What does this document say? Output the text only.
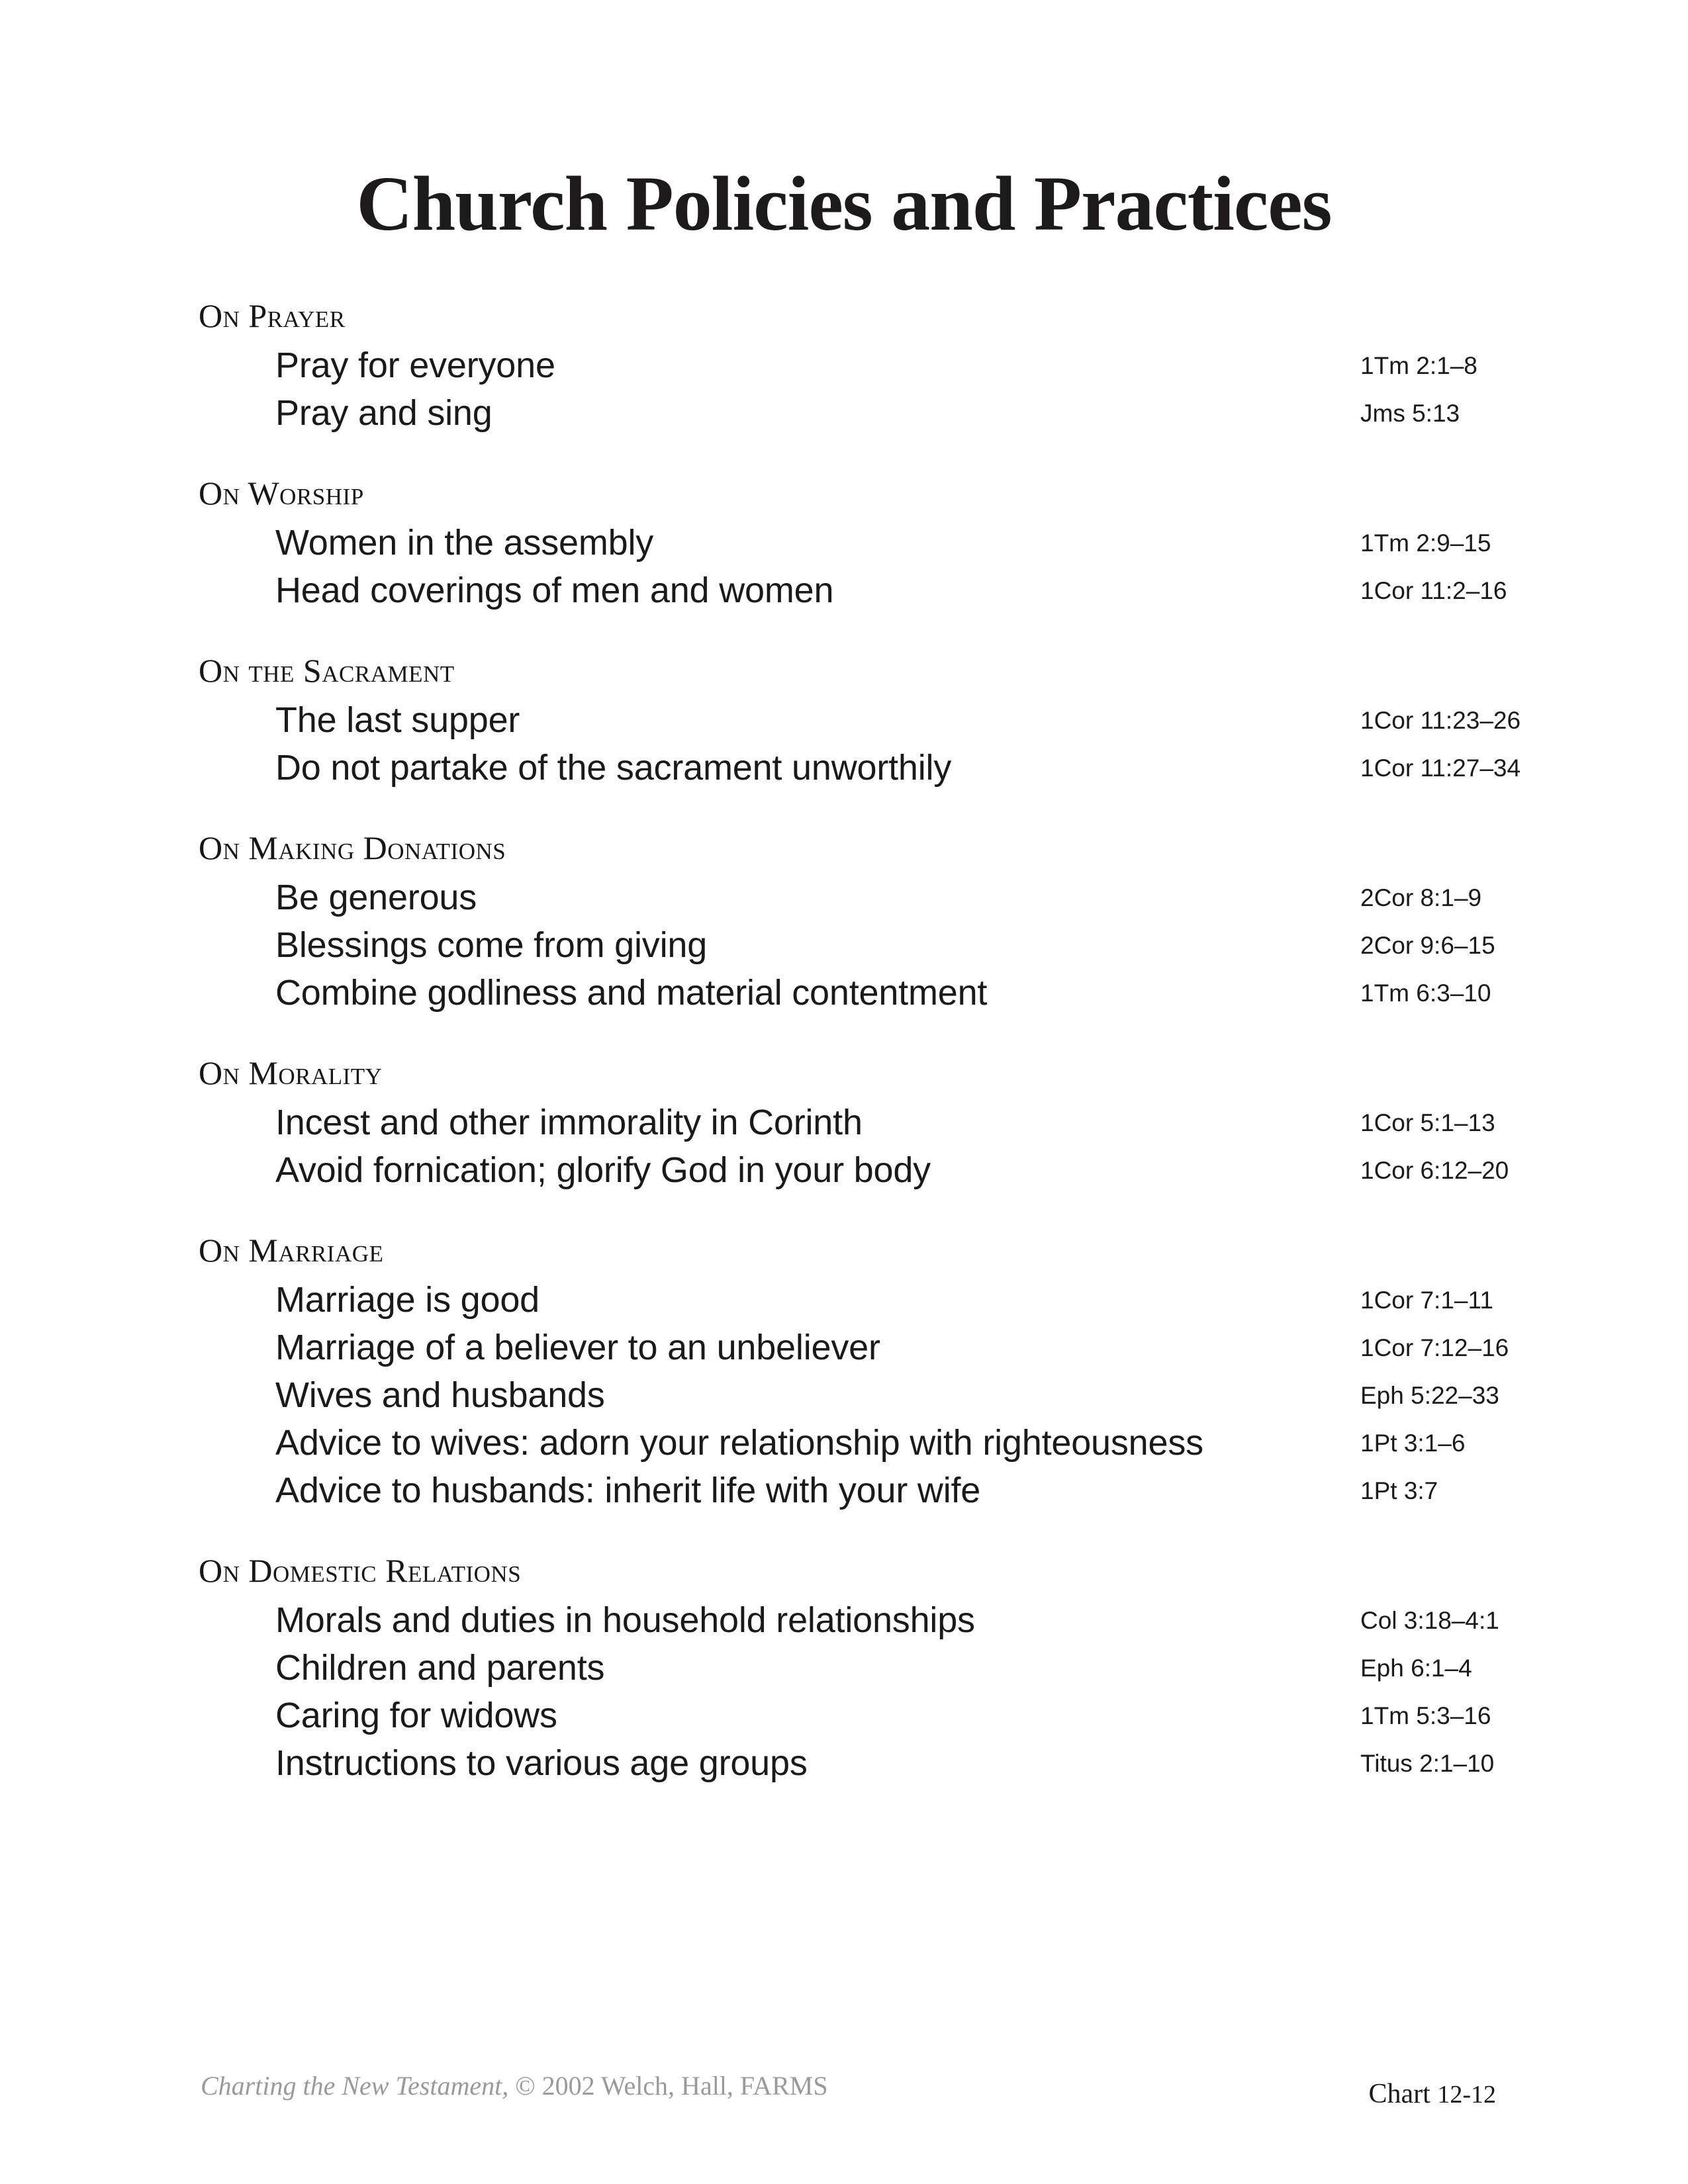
Church Policies and Practices
On Prayer
Pray for everyone	1Tm 2:1–8
Pray and sing	Jms 5:13
On Worship
Women in the assembly	1Tm 2:9–15
Head coverings of men and women	1Cor 11:2–16
On the Sacrament
The last supper	1Cor 11:23–26
Do not partake of the sacrament unworthily	1Cor 11:27–34
On Making Donations
Be generous	2Cor 8:1–9
Blessings come from giving	2Cor 9:6–15
Combine godliness and material contentment	1Tm 6:3–10
On Morality
Incest and other immorality in Corinth	1Cor 5:1–13
Avoid fornication; glorify God in your body	1Cor 6:12–20
On Marriage
Marriage is good	1Cor 7:1–11
Marriage of a believer to an unbeliever	1Cor 7:12–16
Wives and husbands	Eph 5:22–33
Advice to wives: adorn your relationship with righteousness	1Pt 3:1–6
Advice to husbands: inherit life with your wife	1Pt 3:7
On Domestic Relations
Morals and duties in household relationships	Col 3:18–4:1
Children and parents	Eph 6:1–4
Caring for widows	1Tm 5:3–16
Instructions to various age groups	Titus 2:1–10
Charting the New Testament, © 2002 Welch, Hall, FARMS	Chart 12-12
